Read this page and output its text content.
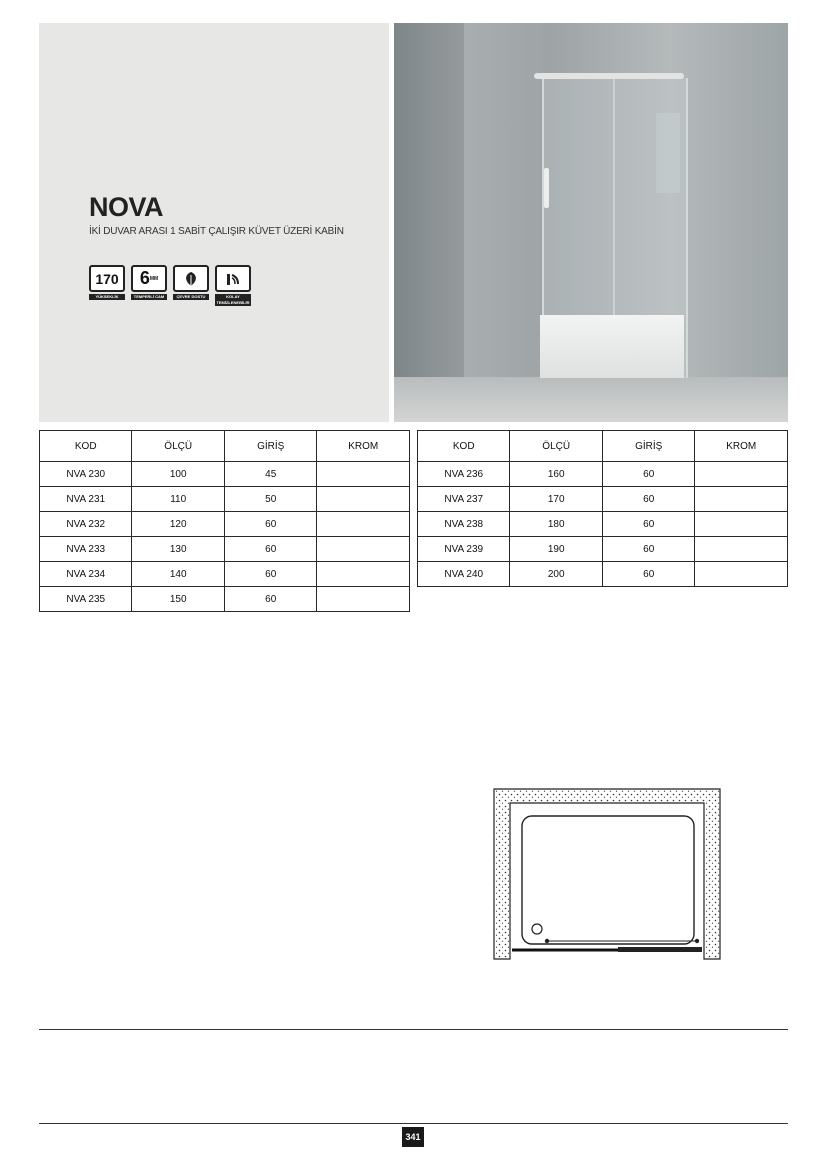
NOVA
İKİ DUVAR ARASI 1 SABİT ÇALIŞIR KÜVET ÜZERİ KABİN
170
YÜKSEKLİK
6 MM
TEMPERLİ CAM	ÇEVRE DOSTU	KOLAY TEMİZLENEBİLİR
KOD	ÖLÇÜ	GİRİŞ	KROM
NVA 230	100	45	
NVA 231	110	50	
NVA 232	120	60	
NVA 233	130	60	
NVA 234	140	60	
NVA 235	150	60	
KOD	ÖLÇÜ	GİRİŞ	KROM
NVA 236	160	60	
NVA 237	170	60	
NVA 238	180	60	
NVA 239	190	60	
NVA 240	200	60	
341
